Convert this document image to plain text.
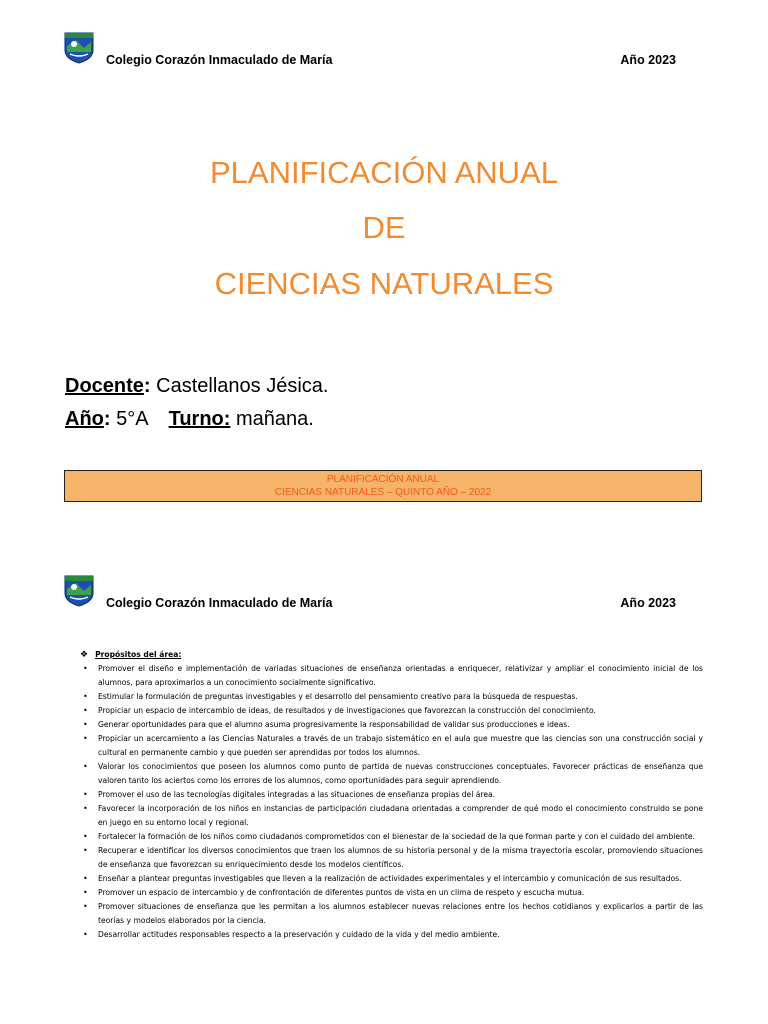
Colegio Corazón Inmaculado de María	Año 2023
PLANIFICACIÓN ANUAL
DE
CIENCIAS NATURALES
Docente: Castellanos Jésica.
Año: 5°A Turno: mañana.
PLANIFICACIÓN ANUAL
CIENCIAS NATURALES – QUINTO AÑO – 2022
Colegio Corazón Inmaculado de María	Año 2023
❖ Propósitos del área:
• Promover el diseño e implementación de variadas situaciones de enseñanza orientadas a enriquecer, relativizar y ampliar el conocimiento inicial de los alumnos, para aproximarlos a un conocimiento socialmente significativo.
• Estimular la formulación de preguntas investigables y el desarrollo del pensamiento creativo para la búsqueda de respuestas.
• Propiciar un espacio de intercambio de ideas, de resultados y de investigaciones que favorezcan la construcción del conocimiento.
• Generar oportunidades para que el alumno asuma progresivamente la responsabilidad de validar sus producciones e ideas.
• Propiciar un acercamiento a las Ciencias Naturales a través de un trabajo sistemático en el aula que muestre que las ciencias son una construcción social y cultural en permanente cambio y que pueden ser aprendidas por todos los alumnos.
• Valorar los conocimientos que poseen los alumnos como punto de partida de nuevas construcciones conceptuales. Favorecer prácticas de enseñanza que valoren tanto los aciertos como los errores de los alumnos, como oportunidades para seguir aprendiendo.
• Promover el uso de las tecnologías digitales integradas a las situaciones de enseñanza propias del área.
• Favorecer la incorporación de los niños en instancias de participación ciudadana orientadas a comprender de qué modo el conocimiento construido se pone en juego en su entorno local y regional.
• Fortalecer la formación de los niños como ciudadanos comprometidos con el bienestar de la sociedad de la que forman parte y con el cuidado del ambiente.
• Recuperar e identificar los diversos conocimientos que traen los alumnos de su historia personal y de la misma trayectoria escolar, promoviendo situaciones de enseñanza que favorezcan su enriquecimiento desde los modelos científicos.
• Enseñar a plantear preguntas investigables que lleven a la realización de actividades experimentales y el intercambio y comunicación de sus resultados.
• Promover un espacio de intercambio y de confrontación de diferentes puntos de vista en un clima de respeto y escucha mutua.
• Promover situaciones de enseñanza que les permitan a los alumnos establecer nuevas relaciones entre los hechos cotidianos y explicarlos a partir de las teorías y modelos elaborados por la ciencia.
• Desarrollar actitudes responsables respecto a la preservación y cuidado de la vida y del medio ambiente.
